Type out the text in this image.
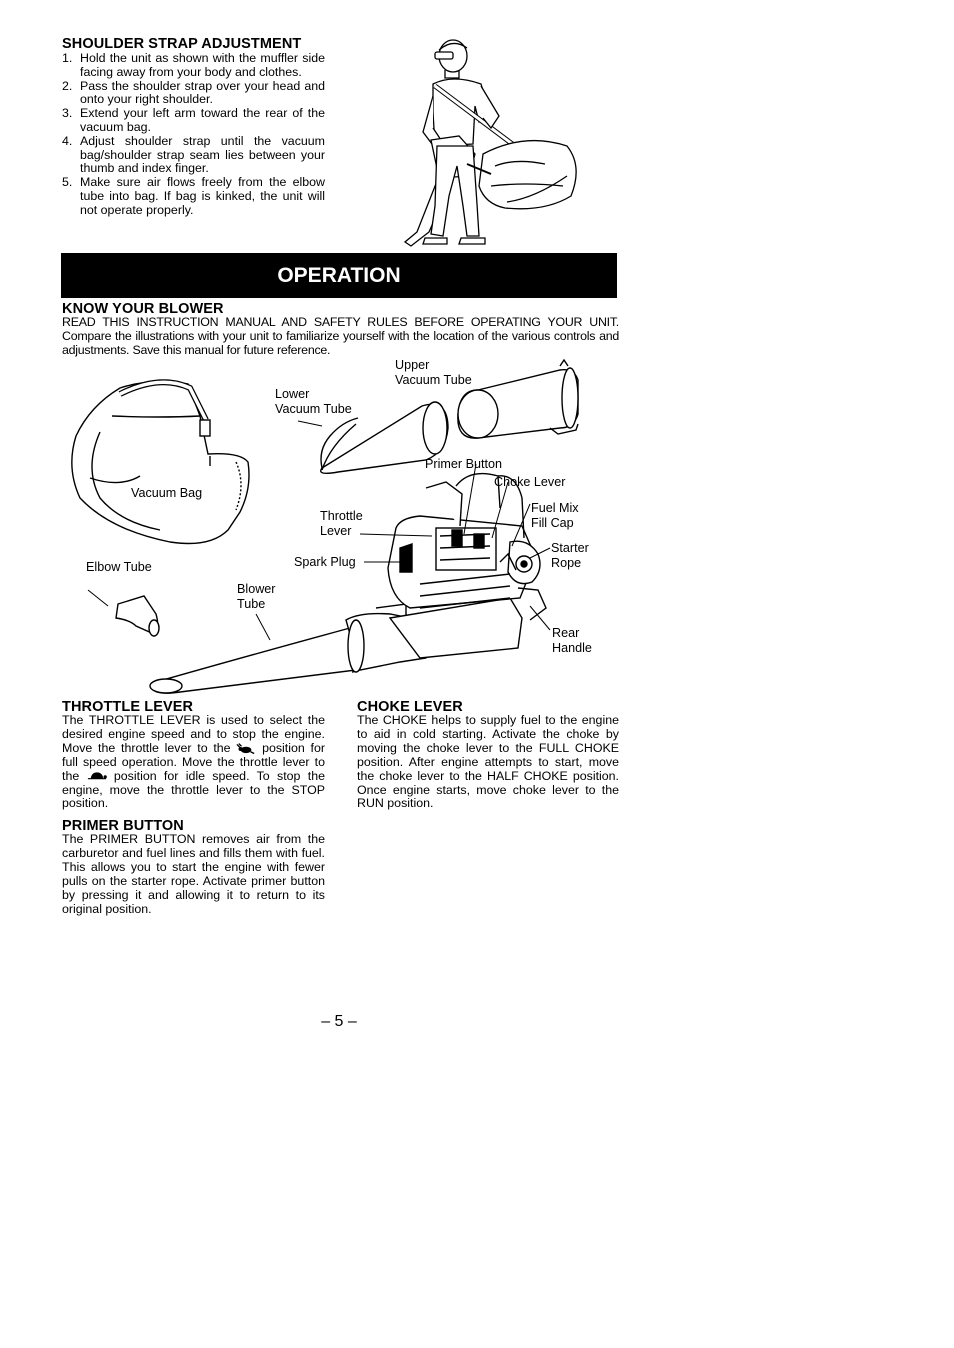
SHOULDER STRAP ADJUSTMENT
1. Hold the unit as shown with the muffler side facing away from your body and clothes.
2. Pass the shoulder strap over your head and onto your right shoulder.
3. Extend your left arm toward the rear of the vacuum bag.
4. Adjust shoulder strap until the vacuum bag/shoulder strap seam lies between your thumb and index finger.
5. Make sure air flows freely from the elbow tube into bag. If bag is kinked, the unit will not operate properly.
OPERATION
KNOW YOUR BLOWER

READ THIS INSTRUCTION MANUAL AND SAFETY RULES BEFORE OPERATING YOUR UNIT. Compare the illustrations with your unit to familiarize yourself with the location of the various controls and adjustments. Save this manual for future reference.

Upper
Vacuum Tube
Lower
Vacuum Tube
Vacuum Bag
Primer Button
Choke Lever
Fuel Mix
Fill Cap
Throttle
Lever
Starter
Rope
Spark Plug
Elbow Tube
Blower
Tube
Rear
Handle
THROTTLE LEVER

The THROTTLE LEVER is used to select the desired engine speed and to stop the engine. Move the throttle lever to the	position for full speed operation. Move the throttle lever to the	position for idle speed. To stop the engine, move the throttle lever to the STOP position.

PRIMER BUTTON

The PRIMER BUTTON removes air from the carburetor and fuel lines and fills them with fuel. This allows you to start the engine with fewer pulls on the starter rope. Activate primer button by pressing it and allowing it to return to its original position.

CHOKE LEVER

The CHOKE helps to supply fuel to the engine to aid in cold starting. Activate the choke by moving the choke lever to the FULL CHOKE position. After engine attempts to start, move the choke lever to the HALF CHOKE position. Once engine starts, move choke lever to the RUN position.

– 5 –
